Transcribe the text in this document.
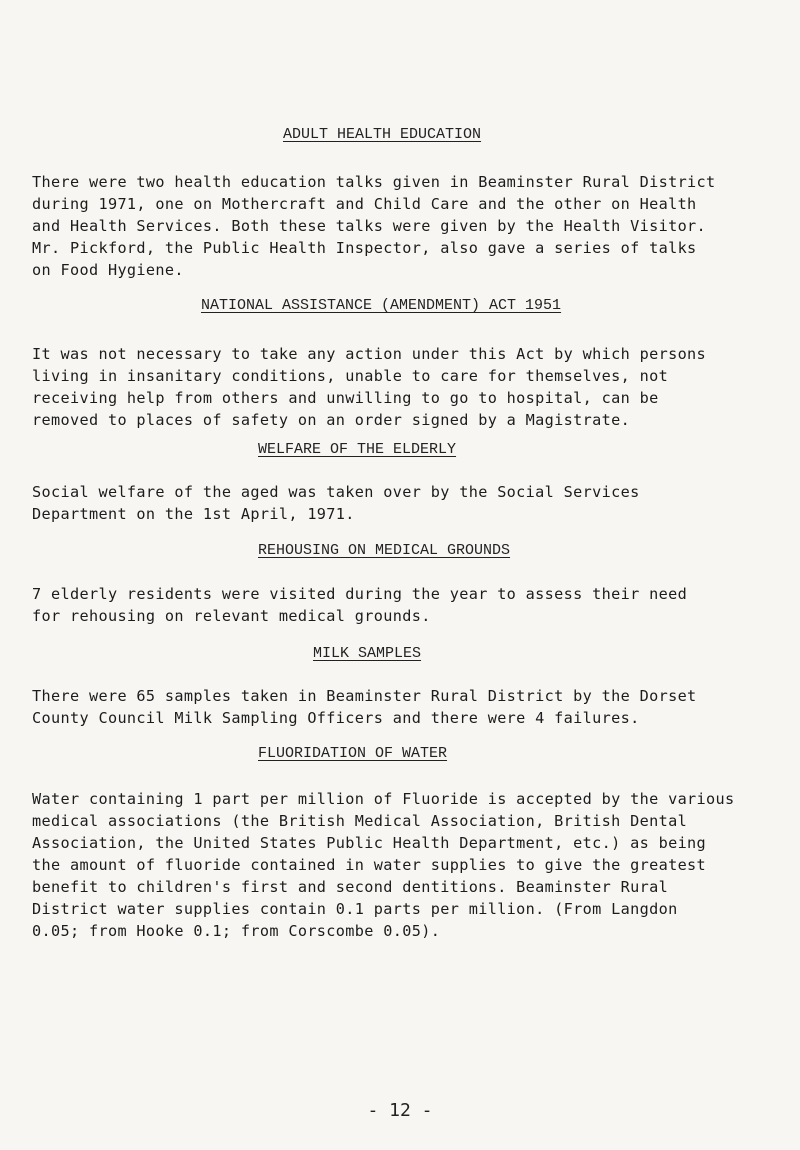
ADULT HEALTH EDUCATION
There were two health education talks given in Beaminster Rural District
during 1971, one on Mothercraft and Child Care and the other on Health
and Health Services. Both these talks were given by the Health Visitor.
Mr. Pickford, the Public Health Inspector, also gave a series of talks
on Food Hygiene.
NATIONAL ASSISTANCE (AMENDMENT) ACT 1951
It was not necessary to take any action under this Act by which persons
living in insanitary conditions, unable to care for themselves, not
receiving help from others and unwilling to go to hospital, can be
removed to places of safety on an order signed by a Magistrate.
WELFARE OF THE ELDERLY
Social welfare of the aged was taken over by the Social Services
Department on the 1st April, 1971.
REHOUSING ON MEDICAL GROUNDS
7 elderly residents were visited during the year to assess their need
for rehousing on relevant medical grounds.
MILK SAMPLES
There were 65 samples taken in Beaminster Rural District by the Dorset
County Council Milk Sampling Officers and there were 4 failures.
FLUORIDATION OF WATER
Water containing 1 part per million of Fluoride is accepted by the various
medical associations (the British Medical Association, British Dental
Association, the United States Public Health Department, etc.) as being
the amount of fluoride contained in water supplies to give the greatest
benefit to children's first and second dentitions. Beaminster Rural
District water supplies contain 0.1 parts per million. (From Langdon
0.05; from Hooke 0.1; from Corscombe 0.05).
- 12 -
